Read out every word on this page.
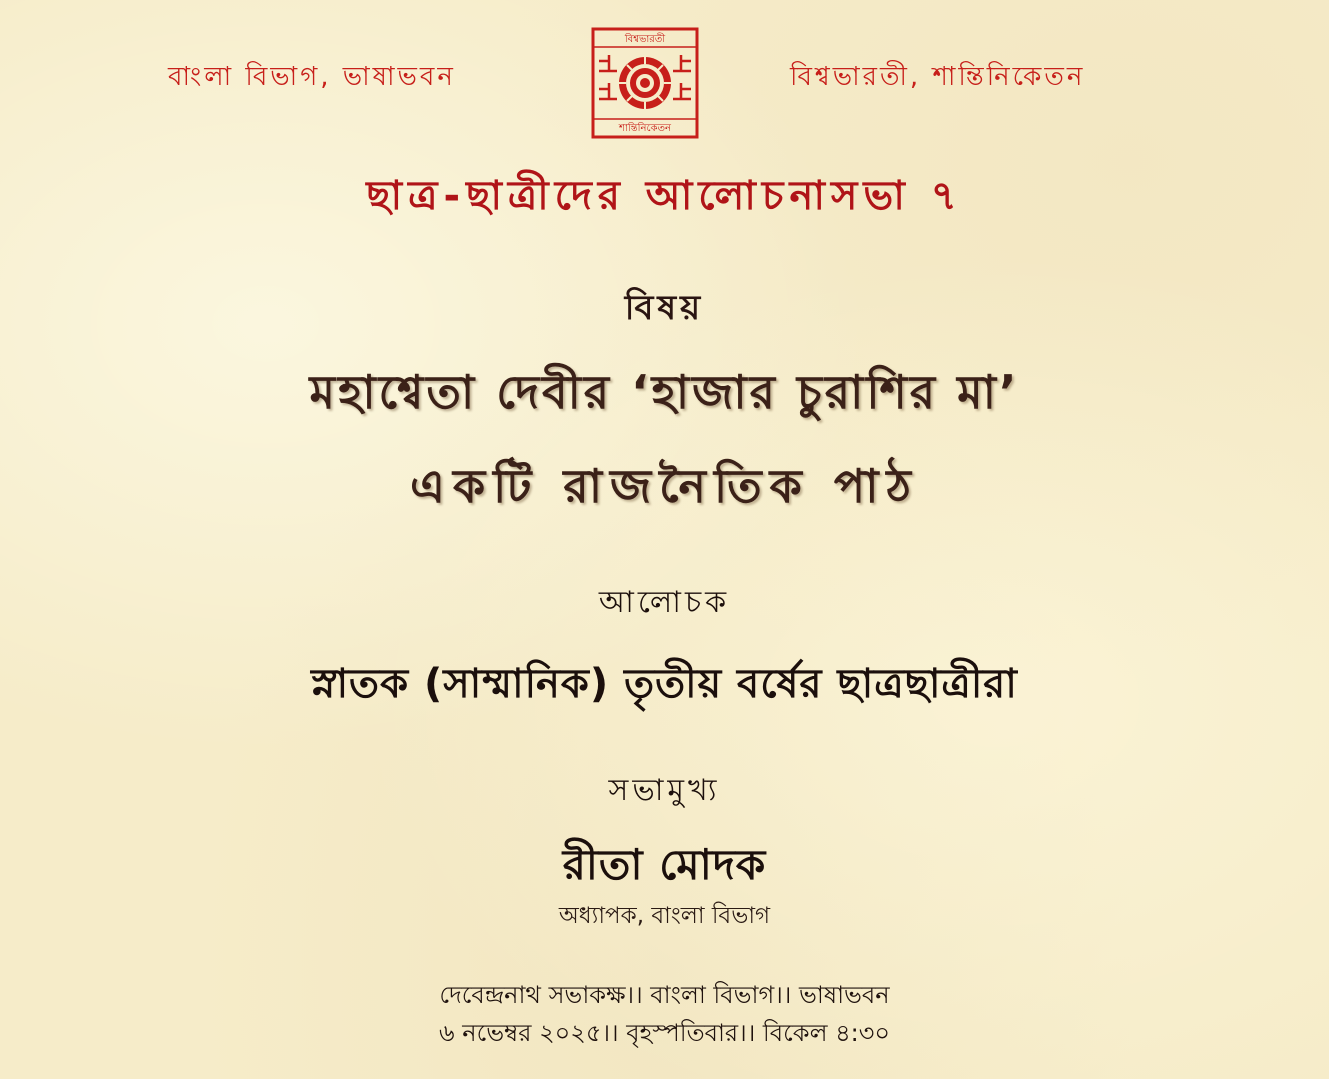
বাংলা বিভাগ, ভাষাভবন
বিশ্বভারতী
শান্তিনিকেতন
বিশ্বভারতী, শান্তিনিকেতন
ছাত্র-ছাত্রীদের আলোচনাসভা ৭
বিষয়
মহাশ্বেতা দেবীর ‘হাজার চুরাশির মা’
একটি রাজনৈতিক পাঠ
আলোচক
স্নাতক (সাম্মানিক) তৃতীয় বর্ষের ছাত্রছাত্রীরা
সভামুখ্য
রীতা মোদক
অধ্যাপক, বাংলা বিভাগ
দেবেন্দ্রনাথ সভাকক্ষ।। বাংলা বিভাগ।। ভাষাভবন
৬ নভেম্বর ২০২৫।। বৃহস্পতিবার।। বিকেল ৪:৩০
